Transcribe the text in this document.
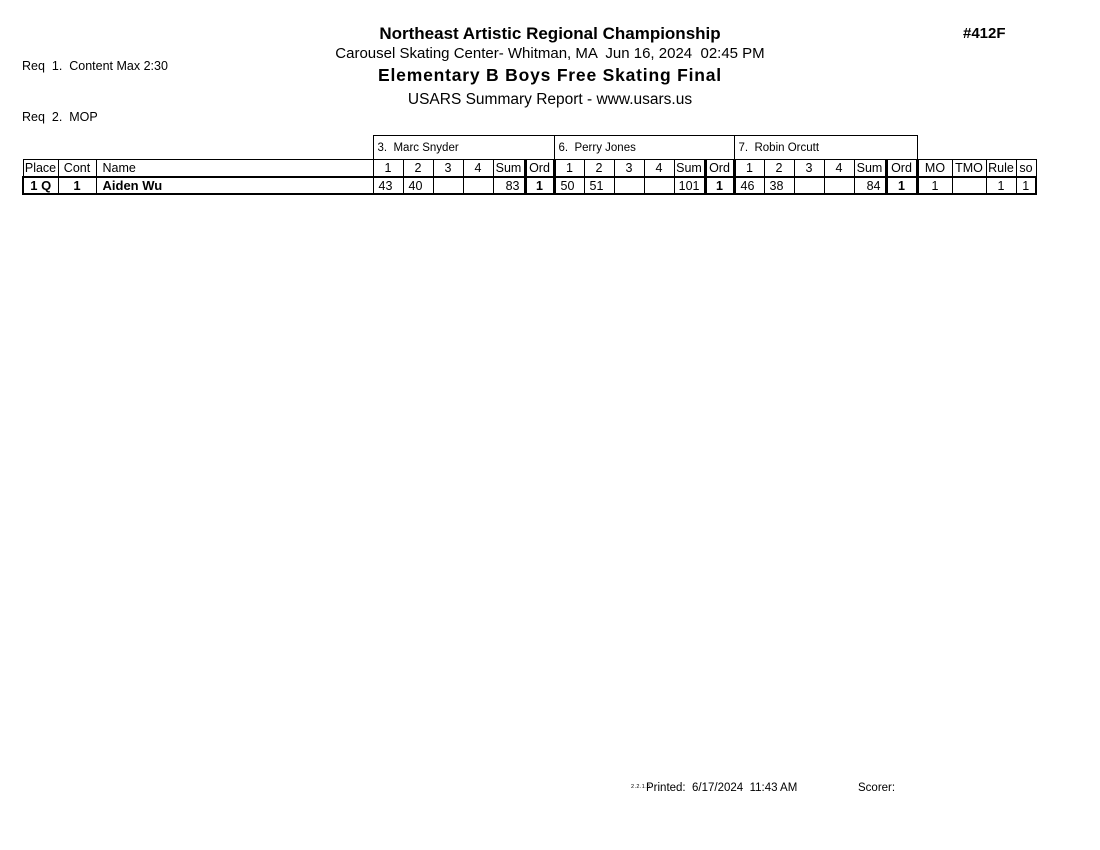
Req  1.  Content Max 2:30

Req  2.  MOP

Northeast Artistic Regional Championship
Carousel Skating Center- Whitman, MA  Jun 16, 2024  02:45 PM
Elementary B Boys Free Skating Final
USARS Summary Report - www.usars.us
#412F
			3.  Marc Snyder						6.  Perry Jones						7.  Robin Orcutt									
Place	Cont	Name	1	2	3	4	Sum	Ord	1	2	3	4	Sum	Ord	1	2	3	4	Sum	Ord	MO	TMO	Rule	so
1 Q	1	Aiden Wu	43	40			83	1	50	51			101	1	46	38			84	1	1		1	1
2.2.1.5
Printed:  6/17/2024  11:43 AM	Scorer:
